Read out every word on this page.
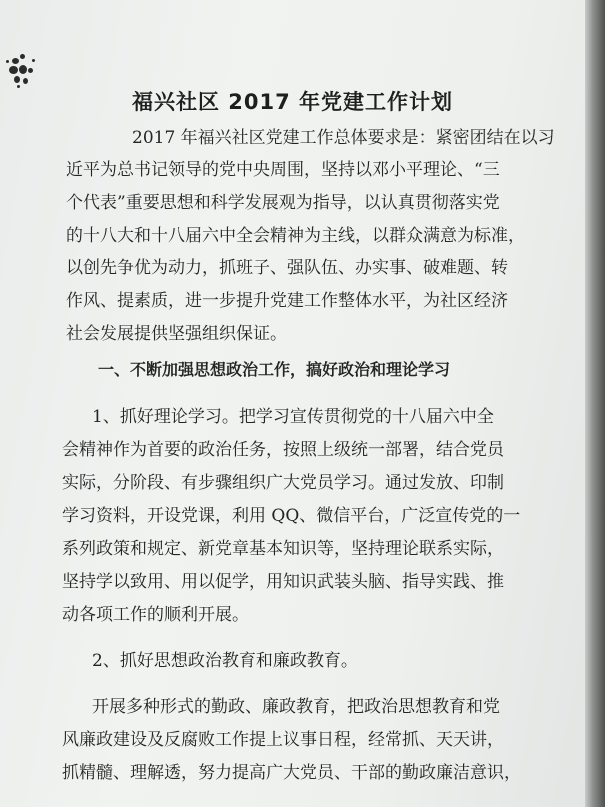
福兴社区 2017 年党建工作计划
2017 年福兴社区党建工作总体要求是：紧密团结在以习
近平为总书记领导的党中央周围，坚持以邓小平理论、“三
个代表”重要思想和科学发展观为指导，以认真贯彻落实党
的十八大和十八届六中全会精神为主线，以群众满意为标准，
以创先争优为动力，抓班子、强队伍、办实事、破难题、转
作风、提素质，进一步提升党建工作整体水平，为社区经济
社会发展提供坚强组织保证。
一、不断加强思想政治工作，搞好政治和理论学习
1、抓好理论学习。把学习宣传贯彻党的十八届六中全
会精神作为首要的政治任务，按照上级统一部署，结合党员
实际，分阶段、有步骤组织广大党员学习。通过发放、印制
学习资料，开设党课，利用 QQ、微信平台，广泛宣传党的一
系列政策和规定、新党章基本知识等，坚持理论联系实际，
坚持学以致用、用以促学，用知识武装头脑、指导实践、推
动各项工作的顺利开展。
2、抓好思想政治教育和廉政教育。
开展多种形式的勤政、廉政教育，把政治思想教育和党
风廉政建设及反腐败工作提上议事日程，经常抓、天天讲，
抓精髓、理解透，努力提高广大党员、干部的勤政廉洁意识，
